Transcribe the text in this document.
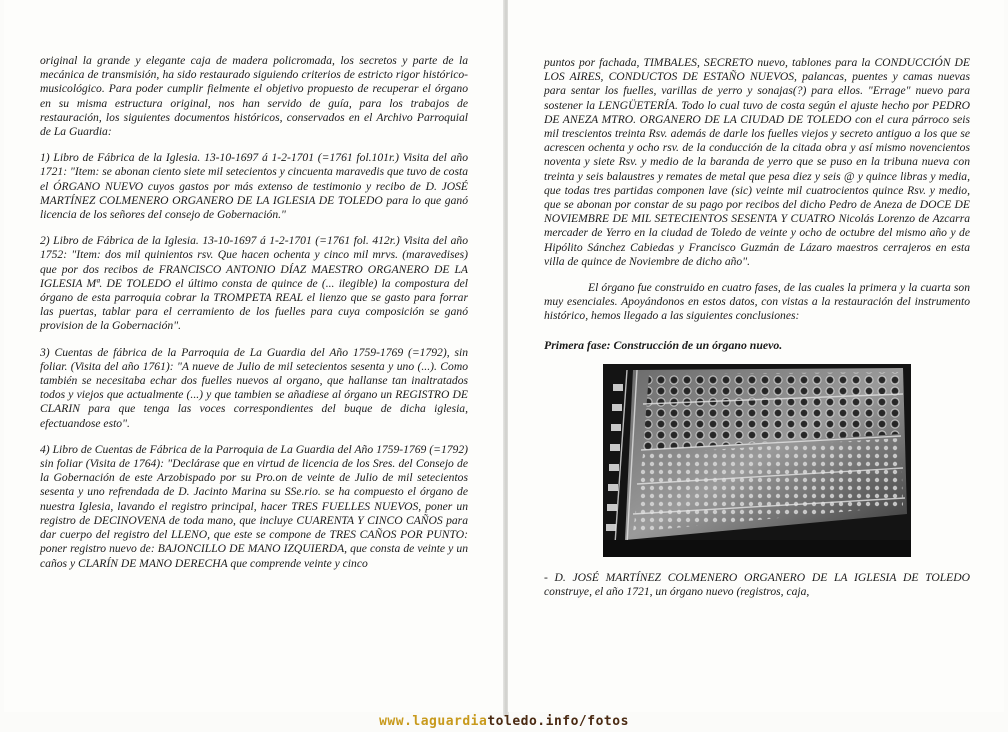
original la grande y elegante caja de madera policromada, los secretos y parte de la mecánica de transmisión, ha sido restaurado siguiendo criterios de estricto rigor histórico-musicológico. Para poder cumplir fielmente el objetivo propuesto de recuperar el órgano en su misma estructura original, nos han servido de guía, para los trabajos de restauración, los siguientes documentos históricos, conservados en el Archivo Parroquial de La Guardia:

1) Libro de Fábrica de la Iglesia. 13-10-1697 á 1-2-1701 (=1761 fol.101r.) Visita del año 1721: "Item: se abonan ciento siete mil setecientos y cincuenta maravedis que tuvo de costa el ÓRGANO NUEVO cuyos gastos por más extenso de testimonio y recibo de D. JOSÉ MARTÍNEZ COLMENERO ORGANERO DE LA IGLESIA DE TOLEDO para lo que ganó licencia de los señores del consejo de Gobernación."

2) Libro de Fábrica de la Iglesia. 13-10-1697 á 1-2-1701 (=1761 fol. 412r.) Visita del año 1752: "Item: dos mil quinientos rsv. Que hacen ochenta y cinco mil mrvs. (maravedises) que por dos recibos de FRANCISCO ANTONIO DÍAZ MAESTRO ORGANERO DE LA IGLESIA Mª. DE TOLEDO el último consta de quince de (... ilegible) la compostura del órgano de esta parroquia cobrar la TROMPETA REAL el lienzo que se gasto para forrar las puertas, tablar para el cerramiento de los fuelles para cuya composición se ganó provision de la Gobernación".

3) Cuentas de fábrica de la Parroquia de La Guardia del Año 1759-1769 (=1792), sin foliar. (Visita del año 1761): "A nueve de Julio de mil setecientos sesenta y uno (...). Como también se necesitaba echar dos fuelles nuevos al organo, que hallanse tan inaltratados todos y viejos que actualmente (...) y que tambien se añadiese al órgano un REGISTRO DE CLARIN para que tenga las voces correspondientes del buque de dicha iglesia, efectuandose esto".

4) Libro de Cuentas de Fábrica de la Parroquia de La Guardia del Año 1759-1769 (=1792) sin foliar (Visita de 1764): "Declárase que en virtud de licencia de los Sres. del Consejo de la Gobernación de este Arzobispado por su Pro.on de veinte de Julio de mil setecientos sesenta y uno refrendada de D. Jacinto Marina su SSe.rio. se ha compuesto el órgano de nuestra Iglesia, lavando el registro principal, hacer TRES FUELLES NUEVOS, poner un registro de DECINOVENA de toda mano, que incluye CUARENTA Y CINCO CAÑOS para dar cuerpo del registro del LLENO, que este se compone de TRES CAÑOS POR PUNTO: poner registro nuevo de: BAJONCILLO DE MANO IZQUIERDA, que consta de veinte y un caños y CLARÍN DE MANO DERECHA que comprende veinte y cinco

puntos por fachada, TIMBALES, SECRETO nuevo, tablones para la CONDUCCIÓN DE LOS AIRES, CONDUCTOS DE ESTAÑO NUEVOS, palancas, puentes y camas nuevas para sentar los fuelles, varillas de yerro y sonajas(?) para ellos. "Errage" nuevo para sostener la LENGÜETERÍA. Todo lo cual tuvo de costa según el ajuste hecho por PEDRO DE ANEZA MTRO. ORGANERO DE LA CIUDAD DE TOLEDO con el cura párroco seis mil trescientos treinta Rsv. además de darle los fuelles viejos y secreto antiguo a los que se acrescen ochenta y ocho rsv. de la conducción de la citada obra y así mismo novencientos noventa y siete Rsv. y medio de la baranda de yerro que se puso en la tribuna nueva con treinta y seis balaustres y remates de metal que pesa diez y seis @ y quince libras y media, que todas tres partidas componen lave (sic) veinte mil cuatrocientos quince Rsv. y medio, que se abonan por constar de su pago por recibos del dicho Pedro de Aneza de DOCE DE NOVIEMBRE DE MIL SETECIENTOS SESENTA Y CUATRO Nicolás Lorenzo de Azcarra mercader de Yerro en la ciudad de Toledo de veinte y ocho de octubre del mismo año y de Hipólito Sánchez Cabiedas y Francisco Guzmán de Lázaro maestros cerrajeros en esta villa de quince de Noviembre de dicho año".

El órgano fue construido en cuatro fases, de las cuales la primera y la cuarta son muy esenciales. Apoyándonos en estos datos, con vistas a la restauración del instrumento histórico, hemos llegado a las siguientes conclusiones:

Primera fase: Construcción de un órgano nuevo.

- D. JOSÉ MARTÍNEZ COLMENERO ORGANERO DE LA IGLESIA DE TOLEDO construye, el año 1721, un órgano nuevo (registros, caja,

www.laguardiatoledo.info/fotos
